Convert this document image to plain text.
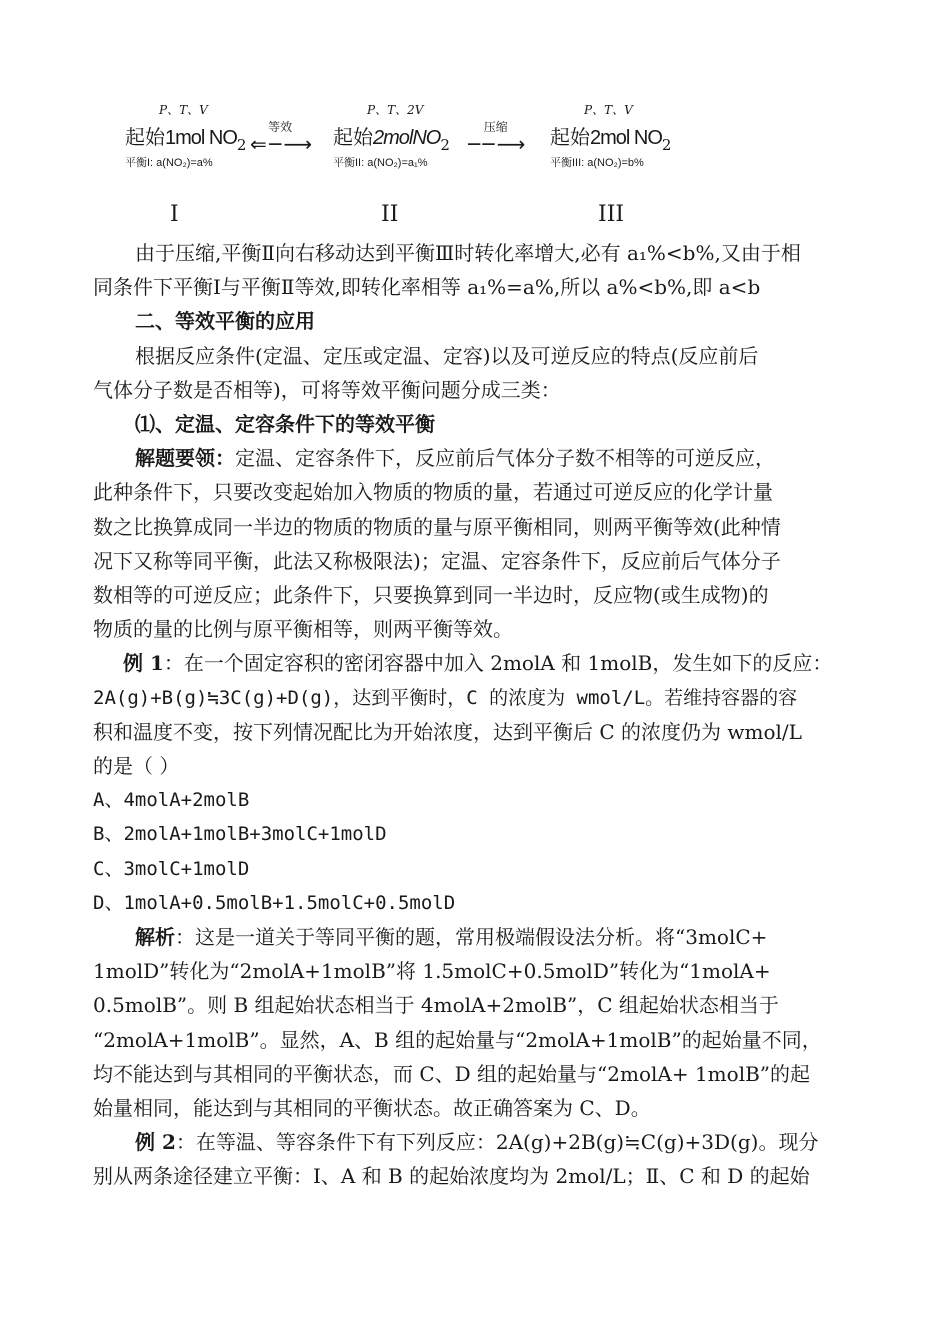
P、T、V
起始1mol $NO_2$
平衡I: a(NO₂)=a%
等效
⇐ ─ ⟶
P、T、2V
起始2molNO$_2$
平衡II: a(NO₂)=a₁%
压缩
─ ─ ⟶
P、T、V
起始2mol $NO_2$
平衡III: a(NO₂)=b%
I	II	III

由于压缩,平衡Ⅱ向右移动达到平衡Ⅲ时转化率增大,必有 a₁%<b%,又由于相

同条件下平衡Ⅰ与平衡Ⅱ等效,即转化率相等 a₁%=a%,所以 a%<b%,即 a<b

二、等效平衡的应用

根据反应条件(定温、定压或定温、定容)以及可逆反应的特点(反应前后

气体分子数是否相等)，可将等效平衡问题分成三类：

⑴、定温、定容条件下的等效平衡

解题要领：定温、定容条件下，反应前后气体分子数不相等的可逆反应，

此种条件下，只要改变起始加入物质的物质的量，若通过可逆反应的化学计量

数之比换算成同一半边的物质的物质的量与原平衡相同，则两平衡等效(此种情

况下又称等同平衡，此法又称极限法)；定温、定容条件下，反应前后气体分子

数相等的可逆反应；此条件下，只要换算到同一半边时，反应物(或生成物)的

物质的量的比例与原平衡相等，则两平衡等效。

例 1：在一个固定容积的密闭容器中加入 2molA 和 1molB，发生如下的反应：

2A(g)+B(g)≒3C(g)+D(g)，达到平衡时，C 的浓度为 wmol/L。若维持容器的容

积和温度不变，按下列情况配比为开始浓度，达到平衡后 C 的浓度仍为 wmol/L

的是（ ）

A、4molA+2molB

B、2molA+1molB+3molC+1molD

C、3molC+1molD

D、1molA+0.5molB+1.5molC+0.5molD

解析：这是一道关于等同平衡的题，常用极端假设法分析。将“3molC+

1molD”转化为“2molA+1molB”将 1.5molC+0.5molD”转化为“1molA+

0.5molB”。则 B 组起始状态相当于 4molA+2molB”，C 组起始状态相当于

“2molA+1molB”。显然，A、B 组的起始量与“2molA+1molB”的起始量不同，

均不能达到与其相同的平衡状态，而 C、D 组的起始量与“2molA+ 1molB”的起

始量相同，能达到与其相同的平衡状态。故正确答案为 C、D。

例 2：在等温、等容条件下有下列反应：2A(g)+2B(g)≒C(g)+3D(g)。现分

别从两条途径建立平衡：Ⅰ、A 和 B 的起始浓度均为 2mol/L；Ⅱ、C 和 D 的起始
